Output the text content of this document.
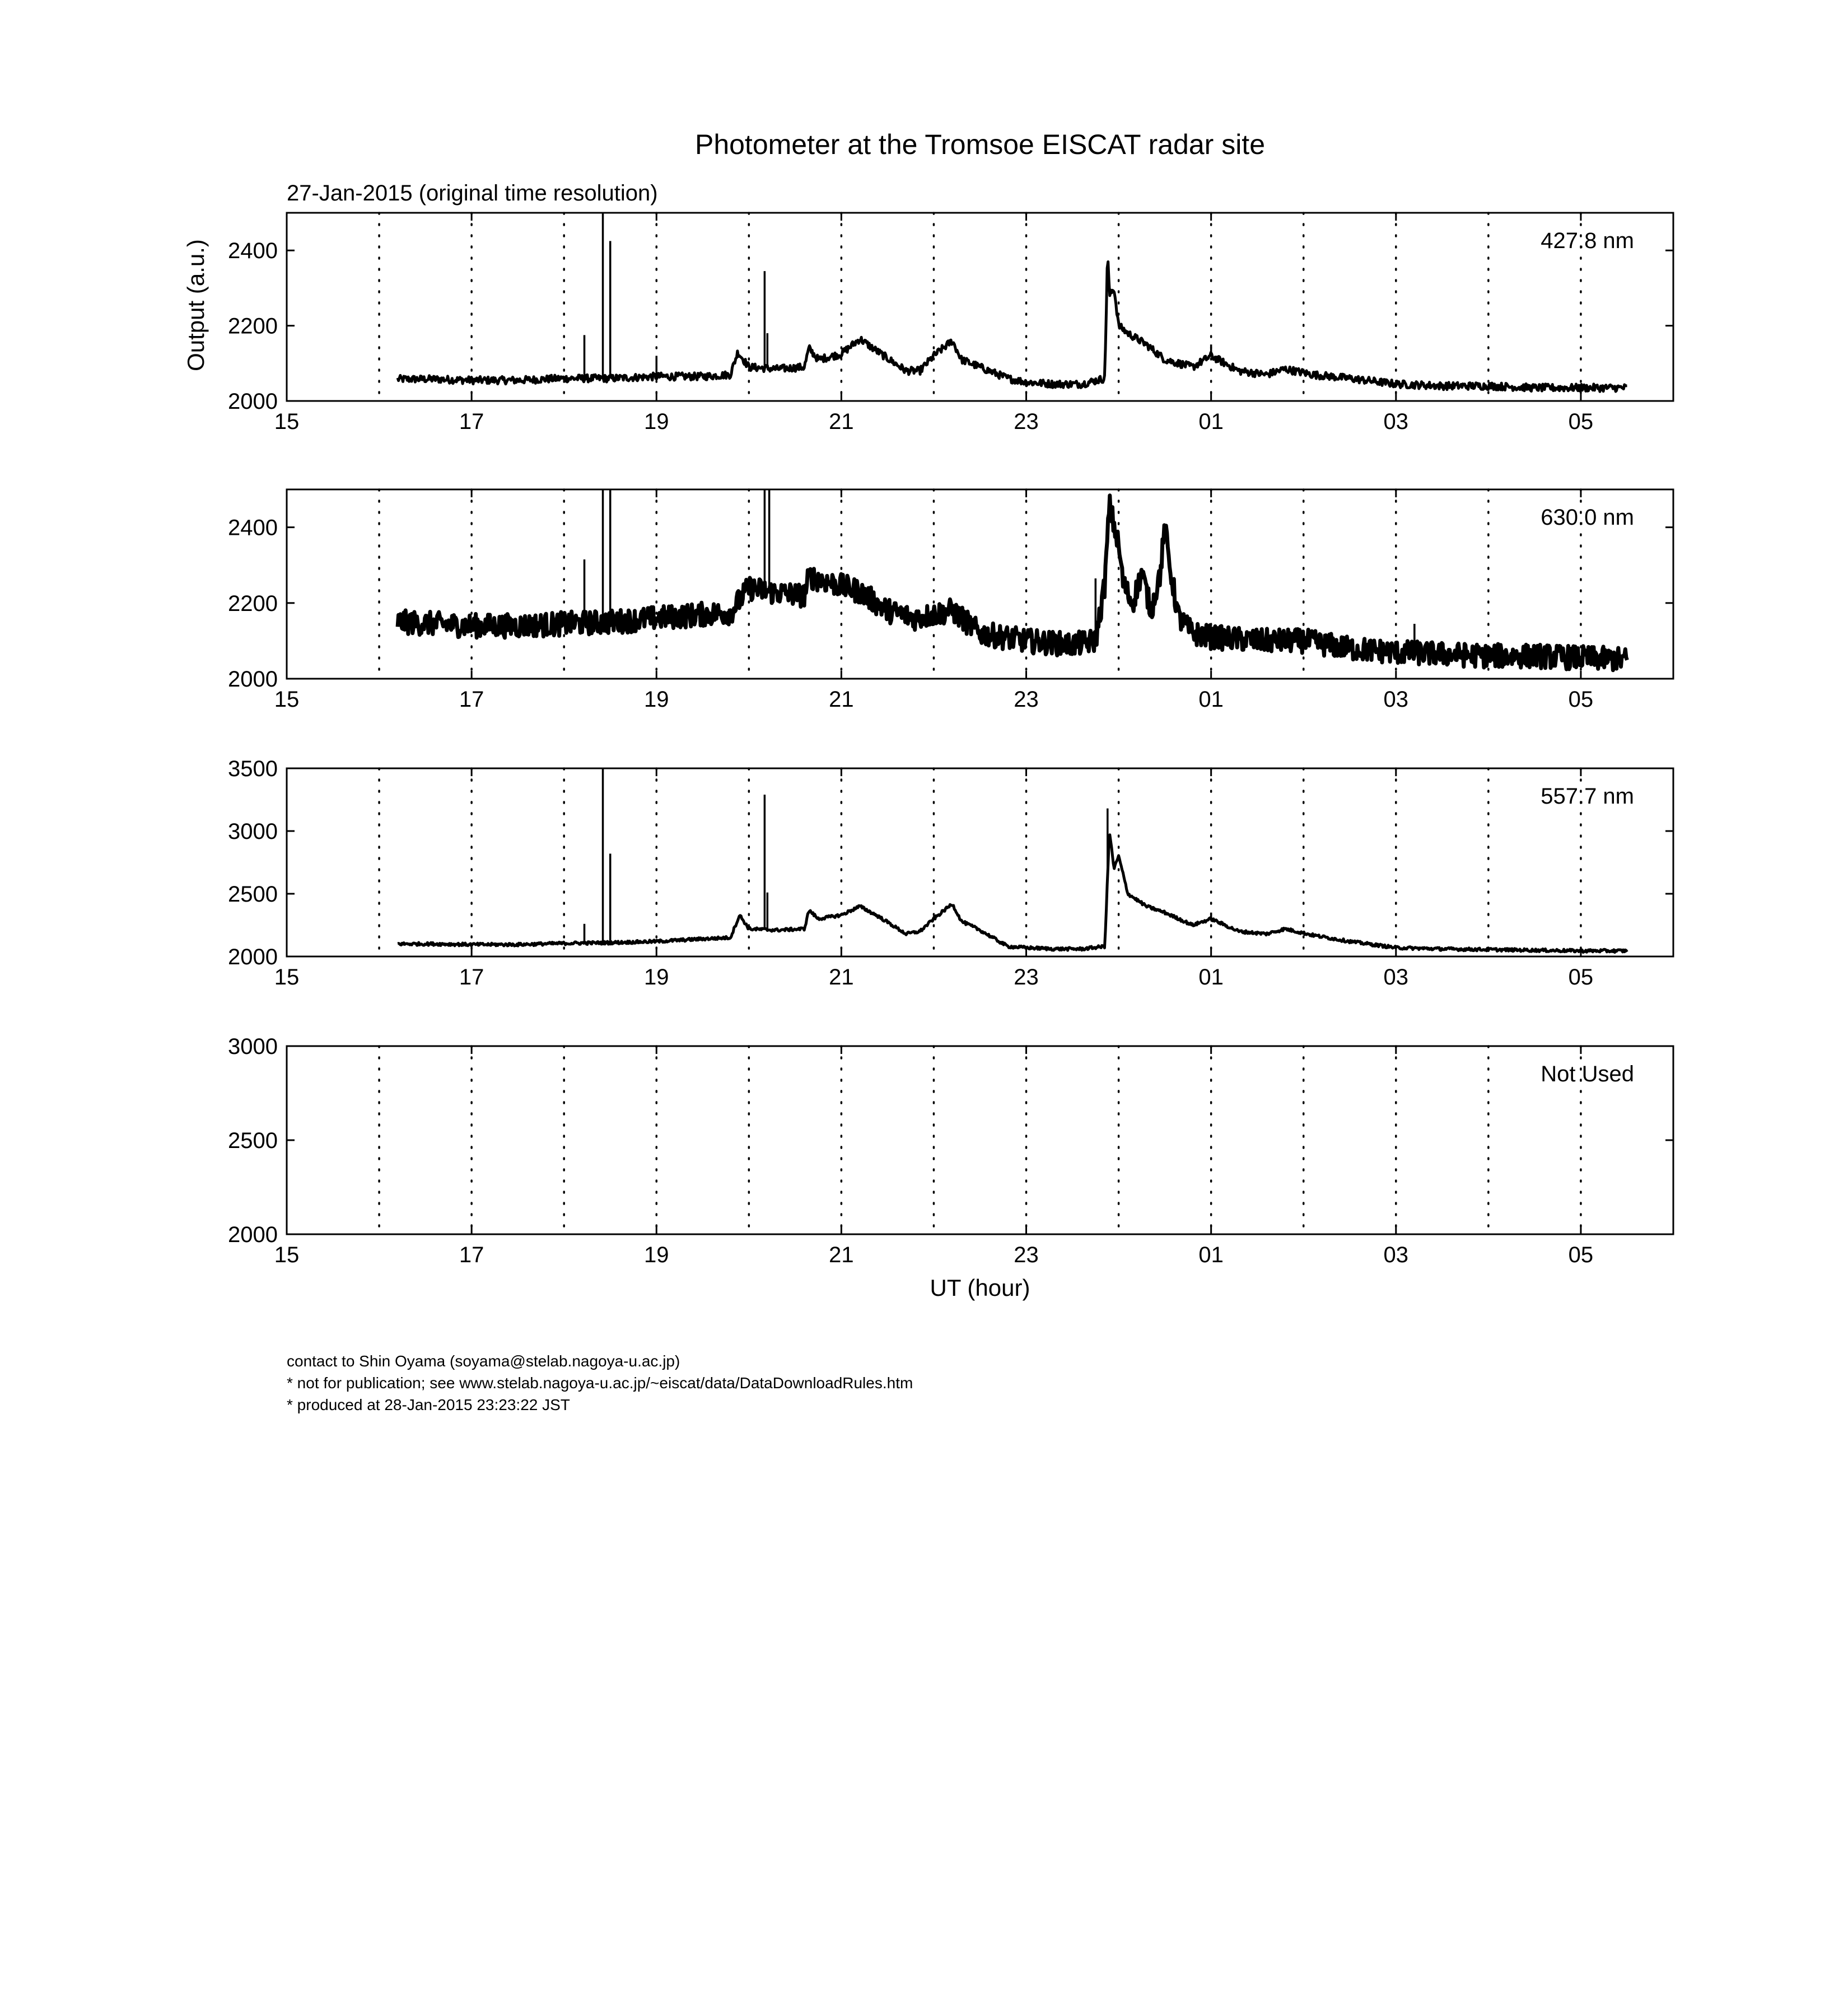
Photometer at the Tromsoe EISCAT radar site
27-Jan-2015 (original time resolution)
Output (a.u.)
UT (hour)
15	17	19	21	23	01	03	05
2000
2200
2400	427.8 nm
15	17	19	21	23	01	03	05
2000
2200
2400	630.0 nm
15	17	19	21	23	01	03	05
2000
2500
3000
3500
557.7 nm
15	17	19	21	23	01	03	05
2000
2500
3000
Not Used
contact to Shin Oyama (soyama@stelab.nagoya-u.ac.jp)
* not for publication; see www.stelab.nagoya-u.ac.jp/~eiscat/data/DataDownloadRules.htm
* produced at 28-Jan-2015 23:23:22 JST
